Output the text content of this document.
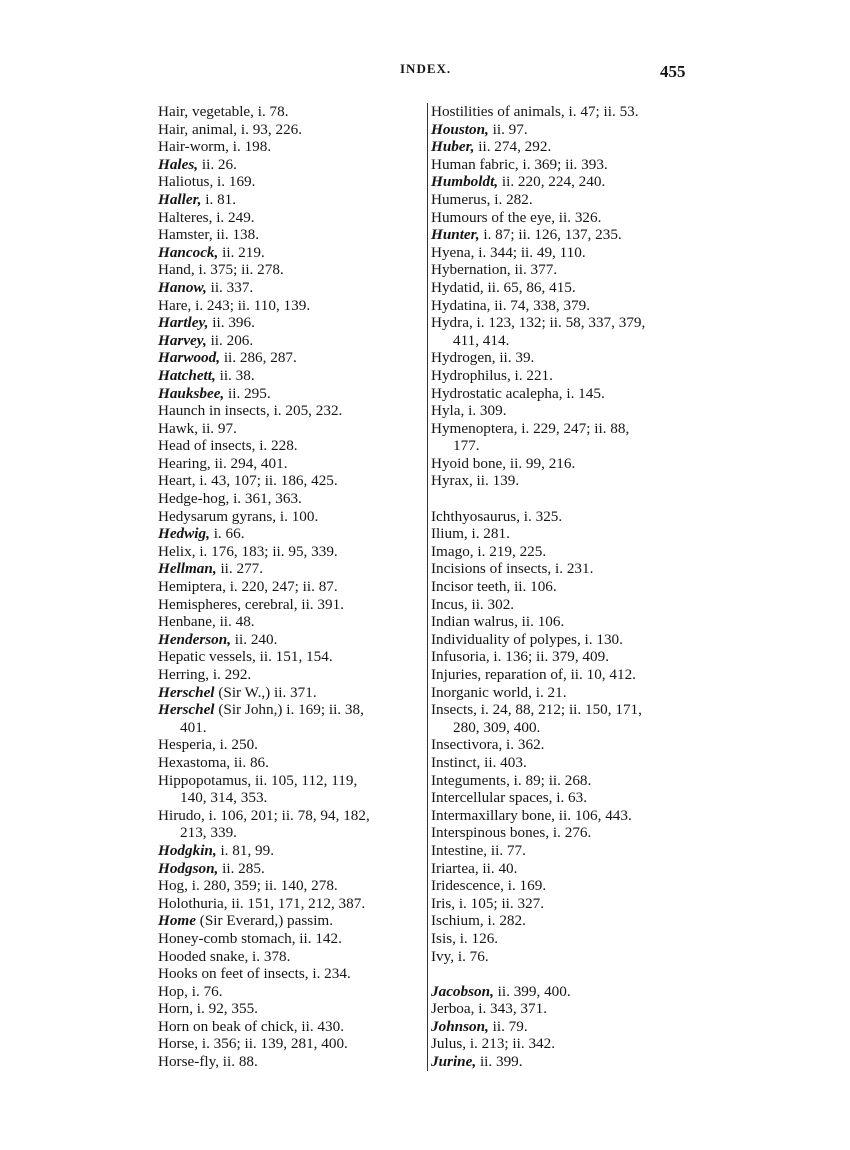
INDEX.	455
Hair, vegetable, i. 78.
Hair, animal, i. 93, 226.
Hair-worm, i. 198.
Hales, ii. 26.
Haliotus, i. 169.
Haller, i. 81.
Halteres, i. 249.
Hamster, ii. 138.
Hancock, ii. 219.
Hand, i. 375; ii. 278.
Hanow, ii. 337.
Hare, i. 243; ii. 110, 139.
Hartley, ii. 396.
Harvey, ii. 206.
Harwood, ii. 286, 287.
Hatchett, ii. 38.
Hauksbee, ii. 295.
Haunch in insects, i. 205, 232.
Hawk, ii. 97.
Head of insects, i. 228.
Hearing, ii. 294, 401.
Heart, i. 43, 107; ii. 186, 425.
Hedge-hog, i. 361, 363.
Hedysarum gyrans, i. 100.
Hedwig, i. 66.
Helix, i. 176, 183; ii. 95, 339.
Hellman, ii. 277.
Hemiptera, i. 220, 247; ii. 87.
Hemispheres, cerebral, ii. 391.
Henbane, ii. 48.
Henderson, ii. 240.
Hepatic vessels, ii. 151, 154.
Herring, i. 292.
Herschel (Sir W.,) ii. 371.
Herschel (Sir John,) i. 169; ii. 38,
401.
Hesperia, i. 250.
Hexastoma, ii. 86.
Hippopotamus, ii. 105, 112, 119,
140, 314, 353.
Hirudo, i. 106, 201; ii. 78, 94, 182,
213, 339.
Hodgkin, i. 81, 99.
Hodgson, ii. 285.
Hog, i. 280, 359; ii. 140, 278.
Holothuria, ii. 151, 171, 212, 387.
Home (Sir Everard,) passim.
Honey-comb stomach, ii. 142.
Hooded snake, i. 378.
Hooks on feet of insects, i. 234.
Hop, i. 76.
Horn, i. 92, 355.
Horn on beak of chick, ii. 430.
Horse, i. 356; ii. 139, 281, 400.
Horse-fly, ii. 88.
Hostilities of animals, i. 47; ii. 53.
Houston, ii. 97.
Huber, ii. 274, 292.
Human fabric, i. 369; ii. 393.
Humboldt, ii. 220, 224, 240.
Humerus, i. 282.
Humours of the eye, ii. 326.
Hunter, i. 87; ii. 126, 137, 235.
Hyena, i. 344; ii. 49, 110.
Hybernation, ii. 377.
Hydatid, ii. 65, 86, 415.
Hydatina, ii. 74, 338, 379.
Hydra, i. 123, 132; ii. 58, 337, 379,
411, 414.
Hydrogen, ii. 39.
Hydrophilus, i. 221.
Hydrostatic acalepha, i. 145.
Hyla, i. 309.
Hymenoptera, i. 229, 247; ii. 88,
177.
Hyoid bone, ii. 99, 216.
Hyrax, ii. 139.
Ichthyosaurus, i. 325.
Ilium, i. 281.
Imago, i. 219, 225.
Incisions of insects, i. 231.
Incisor teeth, ii. 106.
Incus, ii. 302.
Indian walrus, ii. 106.
Individuality of polypes, i. 130.
Infusoria, i. 136; ii. 379, 409.
Injuries, reparation of, ii. 10, 412.
Inorganic world, i. 21.
Insects, i. 24, 88, 212; ii. 150, 171,
280, 309, 400.
Insectivora, i. 362.
Instinct, ii. 403.
Integuments, i. 89; ii. 268.
Intercellular spaces, i. 63.
Intermaxillary bone, ii. 106, 443.
Interspinous bones, i. 276.
Intestine, ii. 77.
Iriartea, ii. 40.
Iridescence, i. 169.
Iris, i. 105; ii. 327.
Ischium, i. 282.
Isis, i. 126.
Ivy, i. 76.
Jacobson, ii. 399, 400.
Jerboa, i. 343, 371.
Johnson, ii. 79.
Julus, i. 213; ii. 342.
Jurine, ii. 399.
